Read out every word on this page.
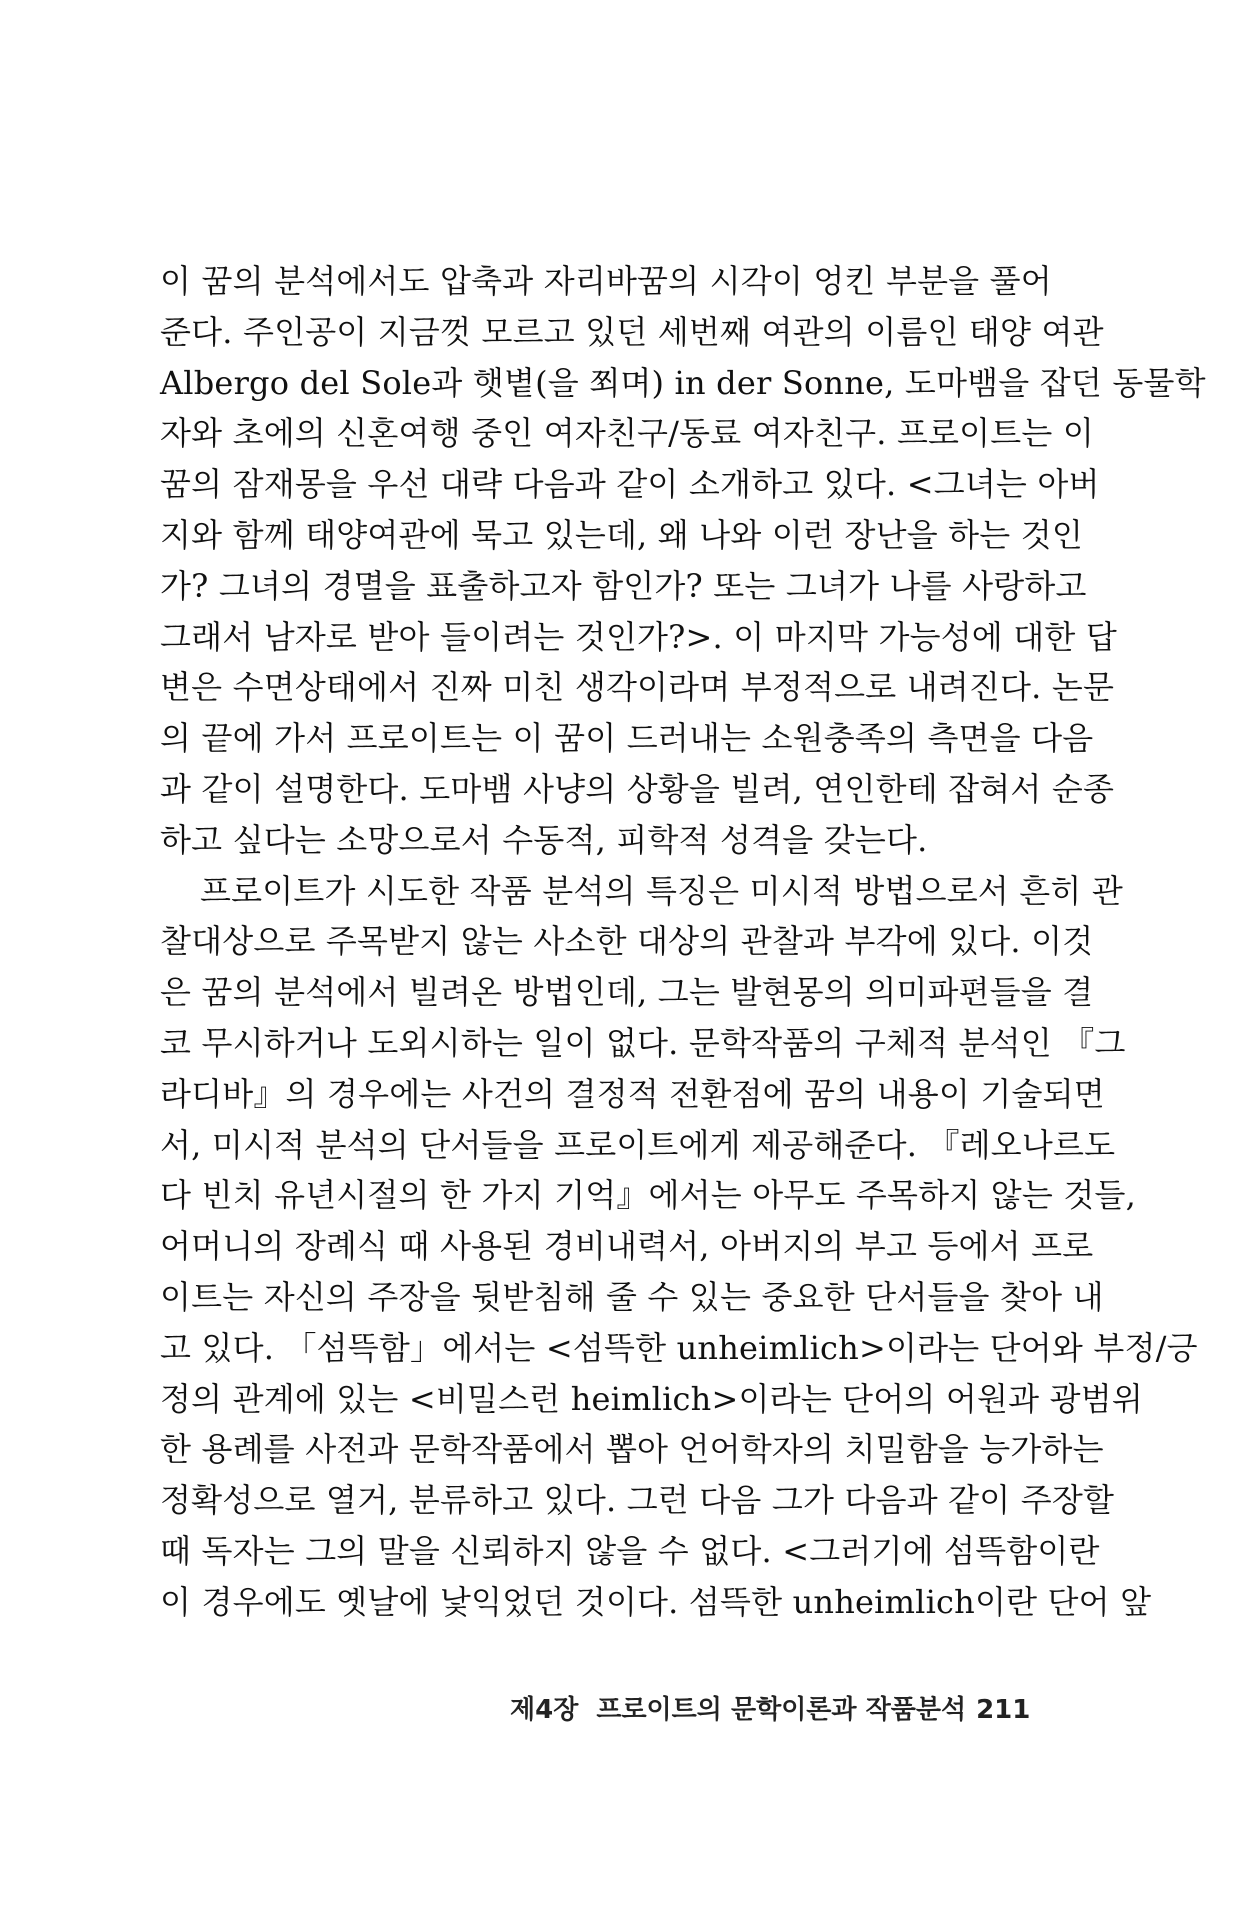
이 꿈의 분석에서도 압축과 자리바꿈의 시각이 엉킨 부분을 풀어
준다. 주인공이 지금껏 모르고 있던 세번째 여관의 이름인 태양 여관
Albergo del Sole과 햇볕(을 쬐며) in der Sonne, 도마뱀을 잡던 동물학
자와 초에의 신혼여행 중인 여자친구/동료 여자친구. 프로이트는 이
꿈의 잠재몽을 우선 대략 다음과 같이 소개하고 있다. <그녀는 아버
지와 함께 태양여관에 묵고 있는데, 왜 나와 이런 장난을 하는 것인
가? 그녀의 경멸을 표출하고자 함인가? 또는 그녀가 나를 사랑하고
그래서 남자로 받아 들이려는 것인가?>. 이 마지막 가능성에 대한 답
변은 수면상태에서 진짜 미친 생각이라며 부정적으로 내려진다. 논문
의 끝에 가서 프로이트는 이 꿈이 드러내는 소원충족의 측면을 다음
과 같이 설명한다. 도마뱀 사냥의 상황을 빌려, 연인한테 잡혀서 순종
하고 싶다는 소망으로서 수동적, 피학적 성격을 갖는다.
프로이트가 시도한 작품 분석의 특징은 미시적 방법으로서 흔히 관
찰대상으로 주목받지 않는 사소한 대상의 관찰과 부각에 있다. 이것
은 꿈의 분석에서 빌려온 방법인데, 그는 발현몽의 의미파편들을 결
코 무시하거나 도외시하는 일이 없다. 문학작품의 구체적 분석인 『그
라디바』의 경우에는 사건의 결정적 전환점에 꿈의 내용이 기술되면
서, 미시적 분석의 단서들을 프로이트에게 제공해준다. 『레오나르도
다 빈치 유년시절의 한 가지 기억』에서는 아무도 주목하지 않는 것들,
어머니의 장례식 때 사용된 경비내력서, 아버지의 부고 등에서 프로
이트는 자신의 주장을 뒷받침해 줄 수 있는 중요한 단서들을 찾아 내
고 있다. 「섬뜩함」에서는 <섬뜩한 unheimlich>이라는 단어와 부정/긍
정의 관계에 있는 <비밀스런 heimlich>이라는 단어의 어원과 광범위
한 용례를 사전과 문학작품에서 뽑아 언어학자의 치밀함을 능가하는
정확성으로 열거, 분류하고 있다. 그런 다음 그가 다음과 같이 주장할
때 독자는 그의 말을 신뢰하지 않을 수 없다. <그러기에 섬뜩함이란
이 경우에도 옛날에 낯익었던 것이다. 섬뜩한 unheimlich이란 단어 앞
제4장 프로이트의 문학이론과 작품분석 211
